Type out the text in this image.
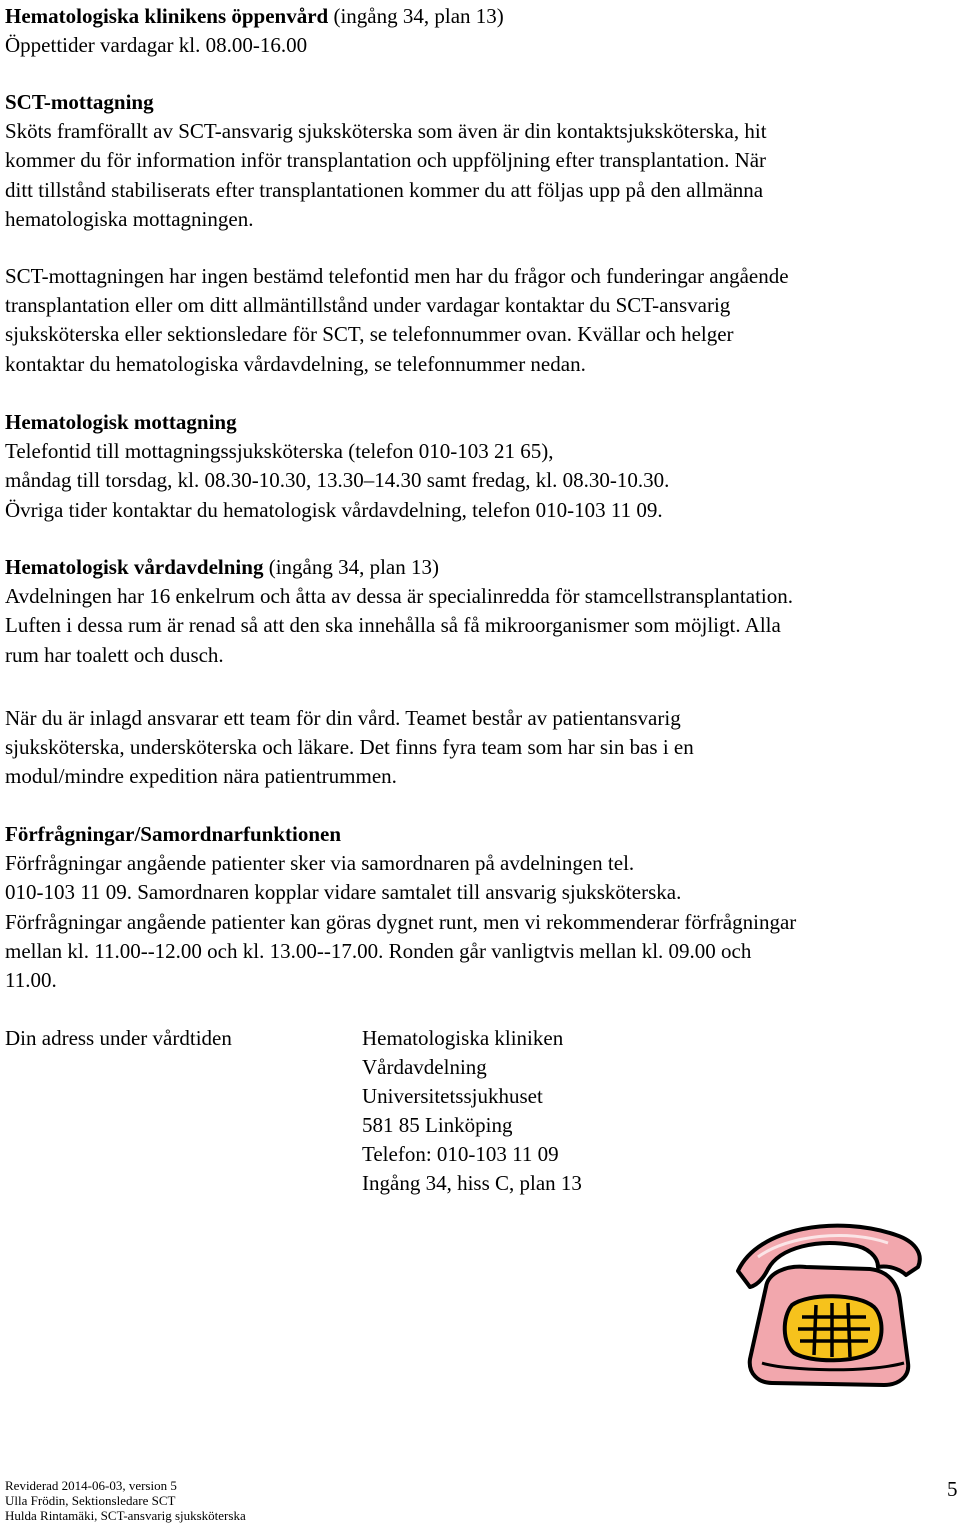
Hematologiska klinikens öppenvård (ingång 34, plan 13)
Öppettider vardagar kl. 08.00-16.00
SCT-mottagning
Sköts framförallt av SCT-ansvarig sjuksköterska som även är din kontaktsjuksköterska, hit
kommer du för information inför transplantation och uppföljning efter transplantation. När
ditt tillstånd stabiliserats efter transplantationen kommer du att följas upp på den allmänna
hematologiska mottagningen.
SCT-mottagningen har ingen bestämd telefontid men har du frågor och funderingar angående
transplantation eller om ditt allmäntillstånd under vardagar kontaktar du SCT-ansvarig
sjuksköterska eller sektionsledare för SCT, se telefonnummer ovan. Kvällar och helger
kontaktar du hematologiska vårdavdelning, se telefonnummer nedan.
Hematologisk mottagning
Telefontid till mottagningssjuksköterska (telefon 010-103 21 65),
måndag till torsdag, kl. 08.30-10.30, 13.30–14.30 samt fredag, kl. 08.30-10.30.
Övriga tider kontaktar du hematologisk vårdavdelning, telefon 010-103 11 09.
Hematologisk vårdavdelning (ingång 34, plan 13)
Avdelningen har 16 enkelrum och åtta av dessa är specialinredda för stamcellstransplantation.
Luften i dessa rum är renad så att den ska innehålla så få mikroorganismer som möjligt. Alla
rum har toalett och dusch.
När du är inlagd ansvarar ett team för din vård. Teamet består av patientansvarig
sjuksköterska, undersköterska och läkare. Det finns fyra team som har sin bas i en
modul/mindre expedition nära patientrummen.
Förfrågningar/Samordnarfunktionen
Förfrågningar angående patienter sker via samordnaren på avdelningen tel.
010-103 11 09. Samordnaren kopplar vidare samtalet till ansvarig sjuksköterska.
Förfrågningar angående patienter kan göras dygnet runt, men vi rekommenderar förfrågningar
mellan kl. 11.00--12.00 och kl. 13.00--17.00. Ronden går vanligtvis mellan kl. 09.00 och
11.00.
Din adress under vårdtiden	Hematologiska kliniken
Vårdavdelning
Universitetssjukhuset
581 85 Linköping
Telefon: 010-103 11 09
Ingång 34, hiss C, plan 13
Reviderad 2014-06-03, version 5
Ulla Frödin, Sektionsledare SCT
Hulda Rintamäki, SCT-ansvarig sjuksköterska
5
